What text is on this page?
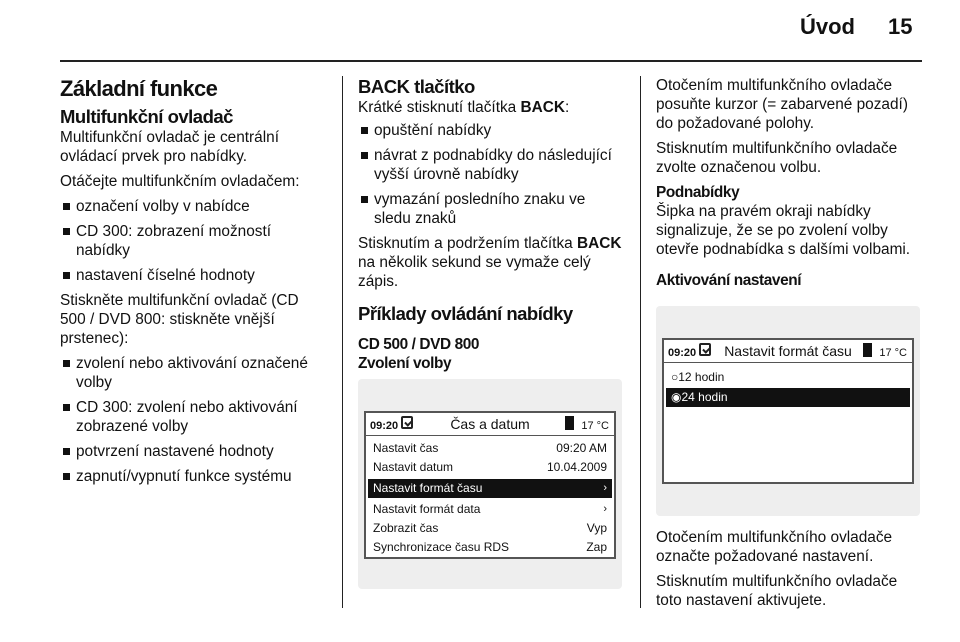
Úvod 15
Základní funkce
Multifunkční ovladač
Multifunkční ovladač je centrální ovládací prvek pro nabídky.
Otáčejte multifunkčním ovladačem:
označení volby v nabídce
CD 300: zobrazení možností nabídky
nastavení číselné hodnoty
Stiskněte multifunkční ovladač (CD 500 / DVD 800: stiskněte vnější prstenec):
zvolení nebo aktivování označené volby
CD 300: zvolení nebo aktivování zobrazené volby
potvrzení nastavené hodnoty
zapnutí/vypnutí funkce systému
BACK tlačítko
Krátké stisknutí tlačítka BACK:
opuštění nabídky
návrat z podnabídky do následující vyšší úrovně nabídky
vymazání posledního znaku ve sledu znaků
Stisknutím a podržením tlačítka BACK na několik sekund se vymaže celý zápis.
Příklady ovládání nabídky
CD 500 / DVD 800
Zvolení volby
09:20	Čas a datum	17 °C
Nastavit čas	09:20 AM
Nastavit datum	10.04.2009
Nastavit formát času	›
Nastavit formát data	›
Zobrazit čas	Vyp
Synchronizace času RDS	Zap
Otočením multifunkčního ovladače posuňte kurzor (= zabarvené pozadí) do požadované polohy.
Stisknutím multifunkčního ovladače zvolte označenou volbu.
Podnabídky
Šipka na pravém okraji nabídky signalizuje, že se po zvolení volby otevře podnabídka s dalšími volbami.
Aktivování nastavení
09:20	Nastavit formát času	17 °C
○ 12 hodin
◉ 24 hodin
Otočením multifunkčního ovladače označte požadované nastavení.
Stisknutím multifunkčního ovladače toto nastavení aktivujete.
